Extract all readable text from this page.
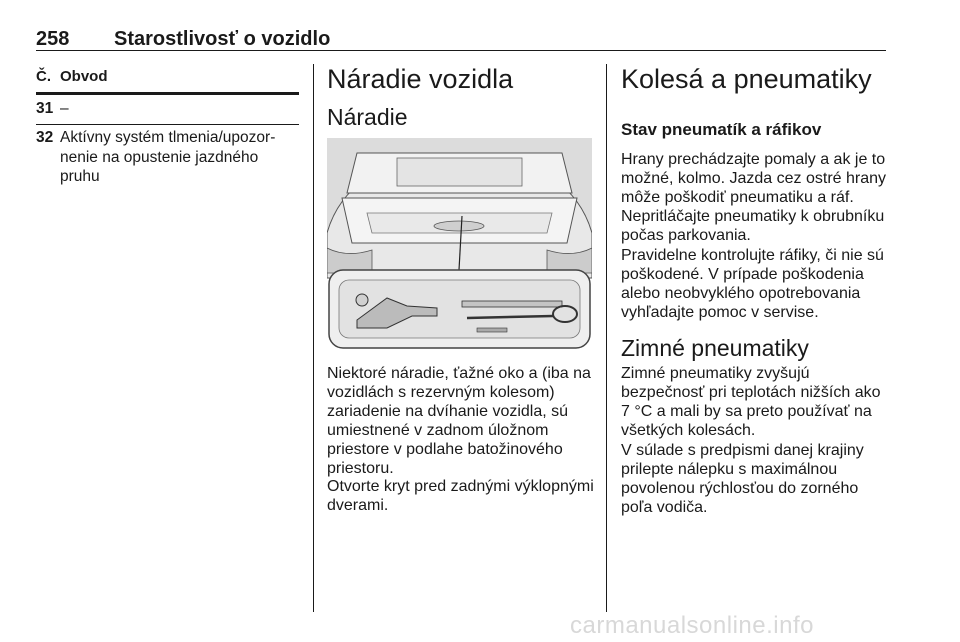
258 Starostlivosť o vozidlo
Č. Obvod
31 –
32 Aktívny systém tlmenia/upozor- nenie na opustenie jazdného pruhu
Náradie vozidla
Náradie
Niektoré náradie, ťažné oko a (iba na vozidlách s rezervným kolesom) zariadenie na dvíhanie vozidla, sú umiestnené v zadnom úložnom priestore v podlahe batožinového priestoru.
Otvorte kryt pred zadnými výklopnými dverami.
Kolesá a pneumatiky
Stav pneumatík a ráfikov
Hrany prechádzajte pomaly a ak je to možné, kolmo. Jazda cez ostré hrany môže poškodiť pneumatiku a ráf. Nepritláčajte pneumatiky k obrubníku počas parkovania.
Pravidelne kontrolujte ráfiky, či nie sú poškodené. V prípade poškodenia alebo neobvyklého opotrebovania vyhľadajte pomoc v servise.
Zimné pneumatiky
Zimné pneumatiky zvyšujú bezpečnosť pri teplotách nižších ako 7 °C a mali by sa preto používať na všetkých kolesách.
V súlade s predpismi danej krajiny prilepte nálepku s maximálnou povolenou rýchlosťou do zorného poľa vodiča.
carmanualsonline.info
